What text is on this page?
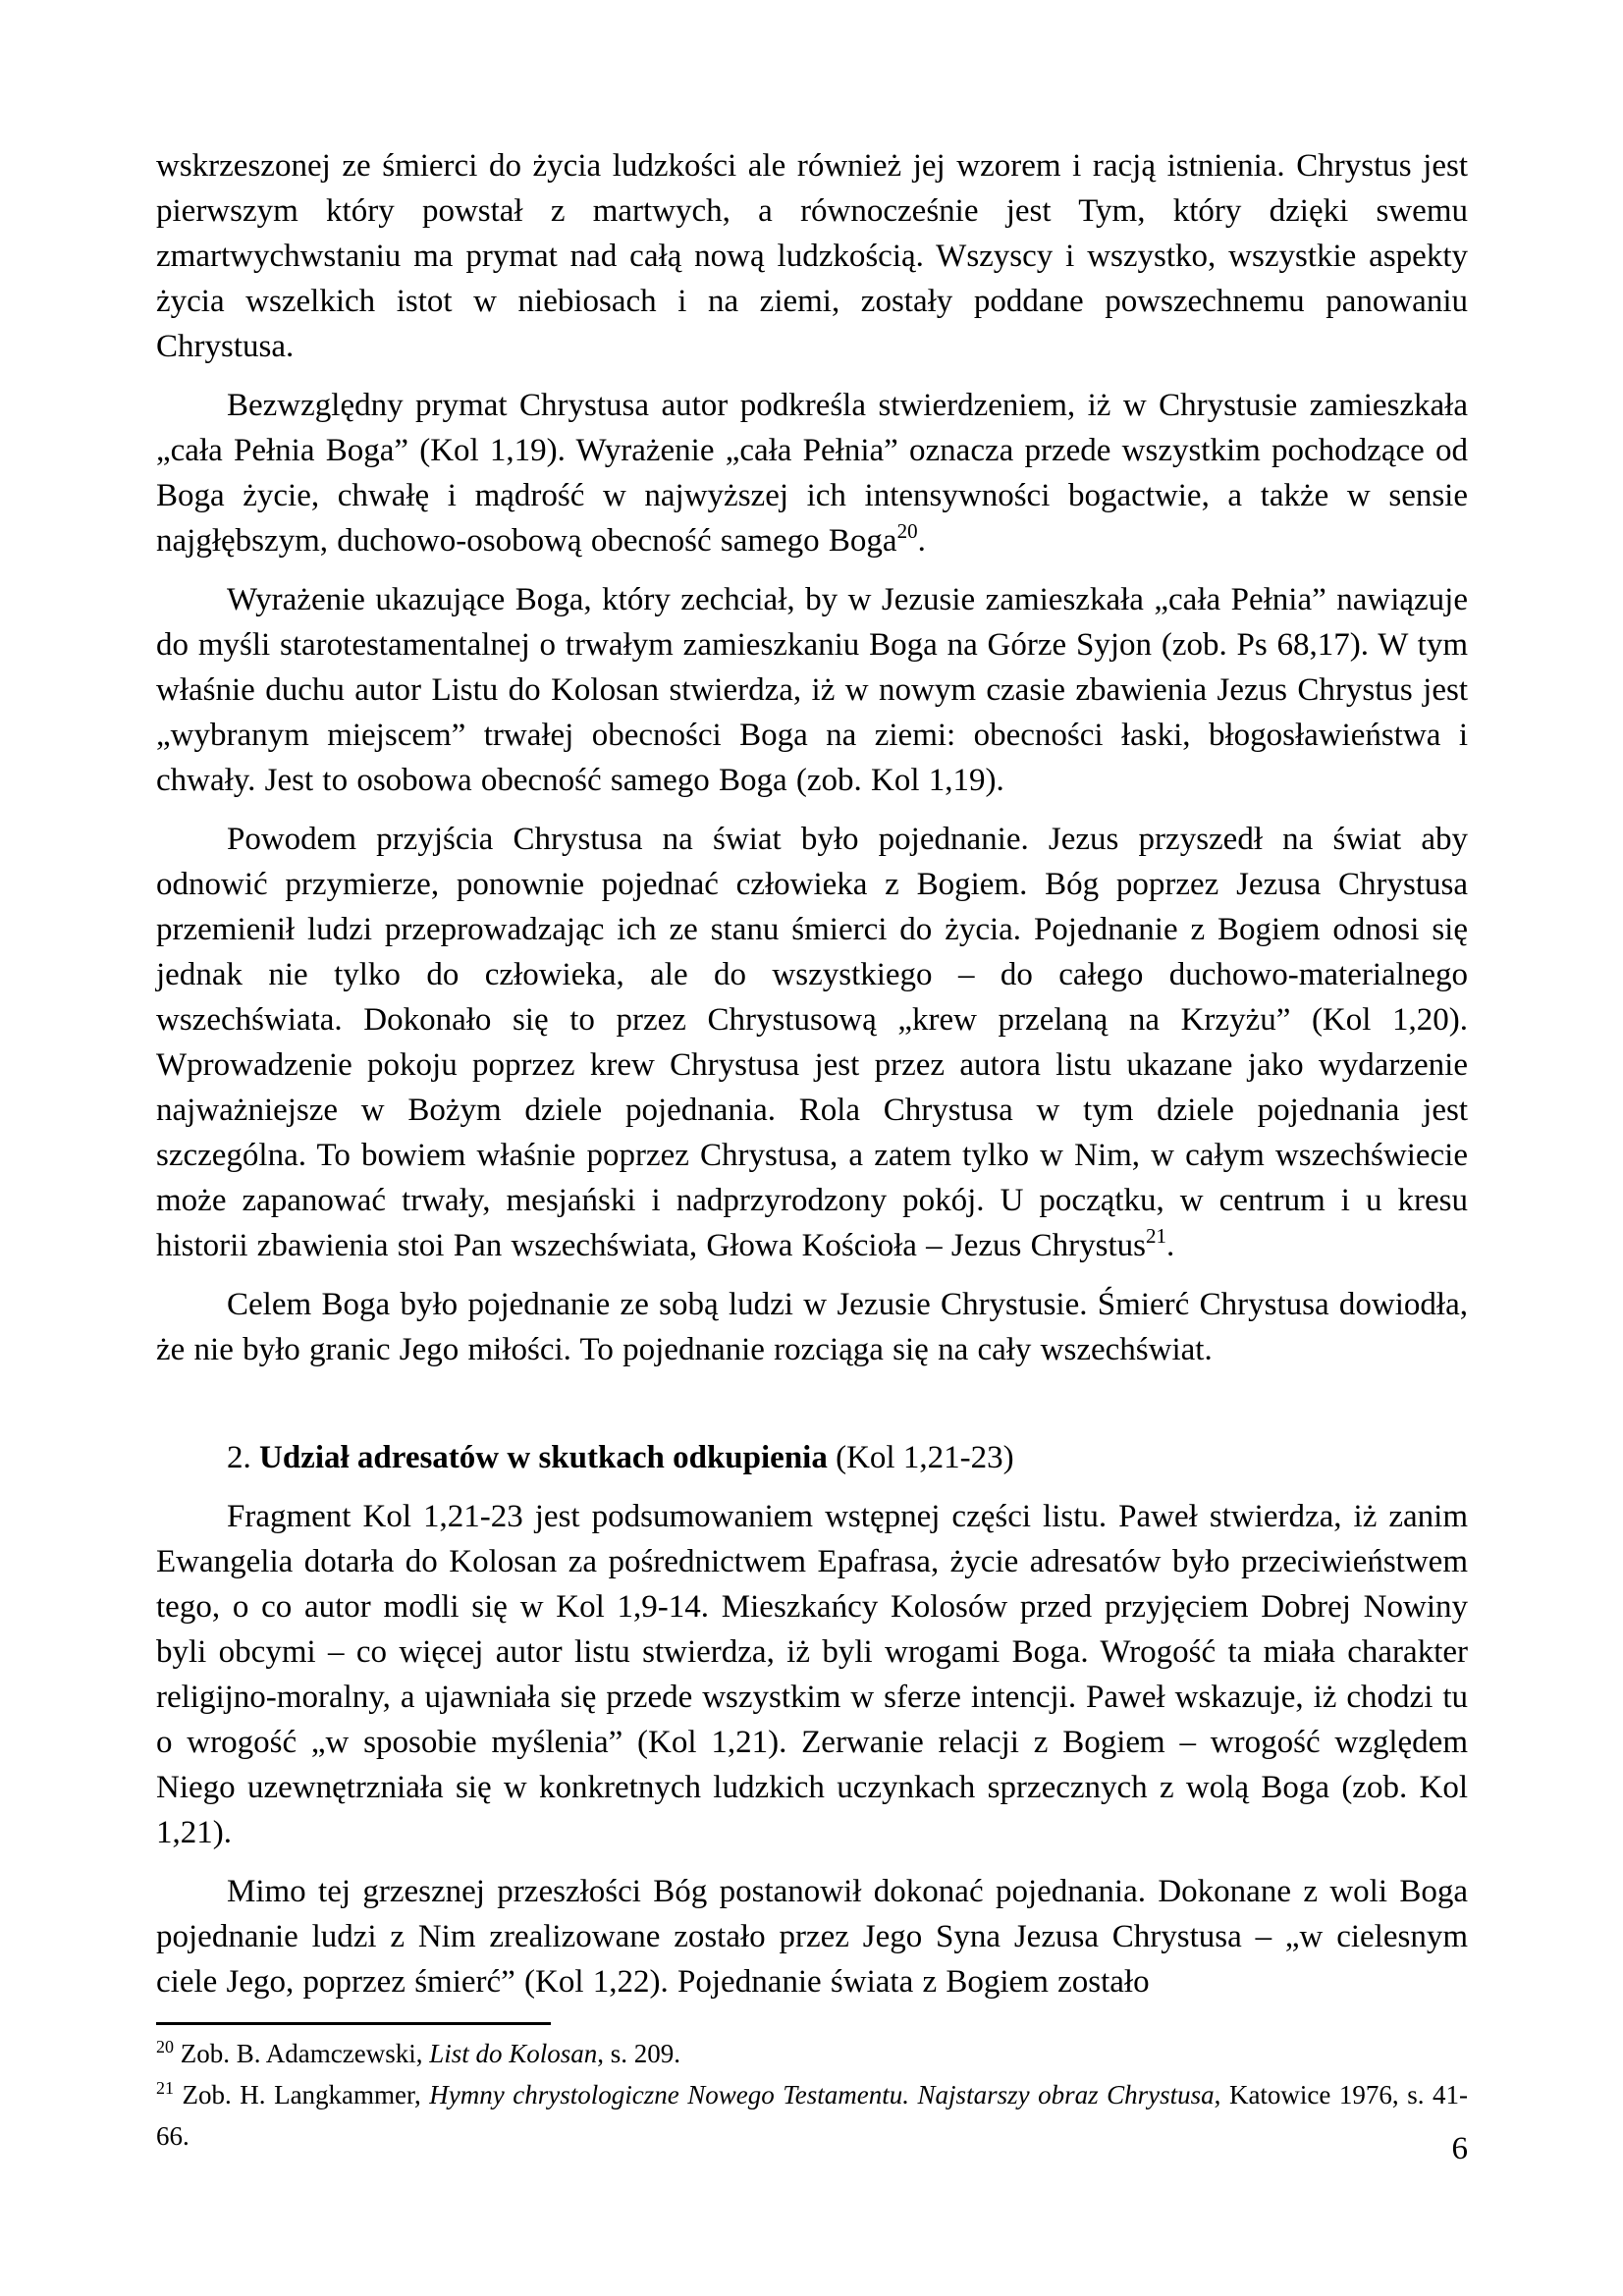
wskrzeszonej ze śmierci do życia ludzkości ale również jej wzorem i racją istnienia. Chrystus jest pierwszym który powstał z martwych, a równocześnie jest Tym, który dzięki swemu zmartwychwstaniu ma prymat nad całą nową ludzkością. Wszyscy i wszystko, wszystkie aspekty życia wszelkich istot w niebiosach i na ziemi, zostały poddane powszechnemu panowaniu Chrystusa.

Bezwzględny prymat Chrystusa autor podkreśla stwierdzeniem, iż w Chrystusie zamieszkała „cała Pełnia Boga” (Kol 1,19). Wyrażenie „cała Pełnia” oznacza przede wszystkim pochodzące od Boga życie, chwałę i mądrość w najwyższej ich intensywności bogactwie, a także w sensie najgłębszym, duchowo-osobową obecność samego Boga$^{20}$.

Wyrażenie ukazujące Boga, który zechciał, by w Jezusie zamieszkała „cała Pełnia” nawiązuje do myśli starotestamentalnej o trwałym zamieszkaniu Boga na Górze Syjon (zob. Ps 68,17). W tym właśnie duchu autor Listu do Kolosan stwierdza, iż w nowym czasie zbawienia Jezus Chrystus jest „wybranym miejscem” trwałej obecności Boga na ziemi: obecności łaski, błogosławieństwa i chwały. Jest to osobowa obecność samego Boga (zob. Kol 1,19).

Powodem przyjścia Chrystusa na świat było pojednanie. Jezus przyszedł na świat aby odnowić przymierze, ponownie pojednać człowieka z Bogiem. Bóg poprzez Jezusa Chrystusa przemienił ludzi przeprowadzając ich ze stanu śmierci do życia. Pojednanie z Bogiem odnosi się jednak nie tylko do człowieka, ale do wszystkiego – do całego duchowo-materialnego wszechświata. Dokonało się to przez Chrystusową „krew przelaną na Krzyżu” (Kol 1,20). Wprowadzenie pokoju poprzez krew Chrystusa jest przez autora listu ukazane jako wydarzenie najważniejsze w Bożym dziele pojednania. Rola Chrystusa w tym dziele pojednania jest szczególna. To bowiem właśnie poprzez Chrystusa, a zatem tylko w Nim, w całym wszechświecie może zapanować trwały, mesjański i nadprzyrodzony pokój. U początku, w centrum i u kresu historii zbawienia stoi Pan wszechświata, Głowa Kościoła – Jezus Chrystus$^{21}$.

Celem Boga było pojednanie ze sobą ludzi w Jezusie Chrystusie. Śmierć Chrystusa dowiodła, że nie było granic Jego miłości. To pojednanie rozciąga się na cały wszechświat.

2. Udział adresatów w skutkach odkupienia (Kol 1,21-23)

Fragment Kol 1,21-23 jest podsumowaniem wstępnej części listu. Paweł stwierdza, iż zanim Ewangelia dotarła do Kolosan za pośrednictwem Epafrasa, życie adresatów było przeciwieństwem tego, o co autor modli się w Kol 1,9-14. Mieszkańcy Kolosów przed przyjęciem Dobrej Nowiny byli obcymi – co więcej autor listu stwierdza, iż byli wrogami Boga. Wrogość ta miała charakter religijno-moralny, a ujawniała się przede wszystkim w sferze intencji. Paweł wskazuje, iż chodzi tu o wrogość „w sposobie myślenia” (Kol 1,21). Zerwanie relacji z Bogiem – wrogość względem Niego uzewnętrzniała się w konkretnych ludzkich uczynkach sprzecznych z wolą Boga (zob. Kol 1,21).

Mimo tej grzesznej przeszłości Bóg postanowił dokonać pojednania. Dokonane z woli Boga pojednanie ludzi z Nim zrealizowane zostało przez Jego Syna Jezusa Chrystusa – „w cielesnym ciele Jego, poprzez śmierć” (Kol 1,22). Pojednanie świata z Bogiem zostało

$^{20}$ Zob. B. Adamczewski, List do Kolosan, s. 209.

$^{21}$ Zob. H. Langkammer, Hymny chrystologiczne Nowego Testamentu. Najstarszy obraz Chrystusa, Katowice 1976, s. 41-66.	6
